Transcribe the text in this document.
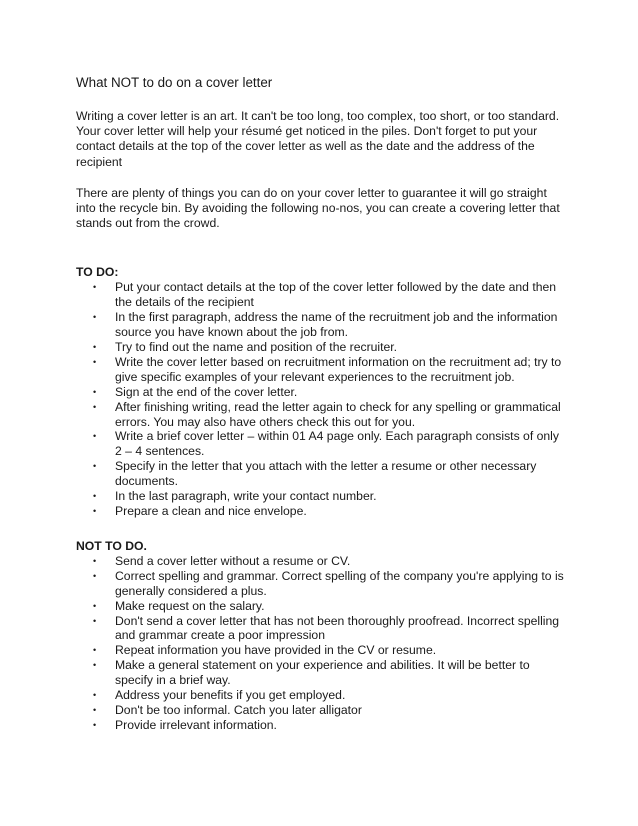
What NOT to do on a cover letter

Writing a cover letter is an art. It can't be too long, too complex, too short, or too standard. Your cover letter will help your résumé get noticed in the piles. Don't forget to put your contact details at the top of the cover letter as well as the date and the address of the recipient

There are plenty of things you can do on your cover letter to guarantee it will go straight into the recycle bin. By avoiding the following no-nos, you can create a covering letter that stands out from the crowd.

TO DO:

• Put your contact details at the top of the cover letter followed by the date and then the details of the recipient
• In the first paragraph, address the name of the recruitment job and the information source you have known about the job from.
• Try to find out the name and position of the recruiter.
• Write the cover letter based on recruitment information on the recruitment ad; try to give specific examples of your relevant experiences to the recruitment job.
• Sign at the end of the cover letter.
• After finishing writing, read the letter again to check for any spelling or grammatical errors. You may also have others check this out for you.
• Write a brief cover letter – within 01 A4 page only. Each paragraph consists of only 2 – 4 sentences.
• Specify in the letter that you attach with the letter a resume or other necessary documents.
• In the last paragraph, write your contact number.
• Prepare a clean and nice envelope.

NOT TO DO.

• Send a cover letter without a resume or CV.
• Correct spelling and grammar. Correct spelling of the company you're applying to is generally considered a plus.
• Make request on the salary.
• Don't send a cover letter that has not been thoroughly proofread. Incorrect spelling and grammar create a poor impression
• Repeat information you have provided in the CV or resume.
• Make a general statement on your experience and abilities. It will be better to specify in a brief way.
• Address your benefits if you get employed.
• Don't be too informal. Catch you later alligator
• Provide irrelevant information.
